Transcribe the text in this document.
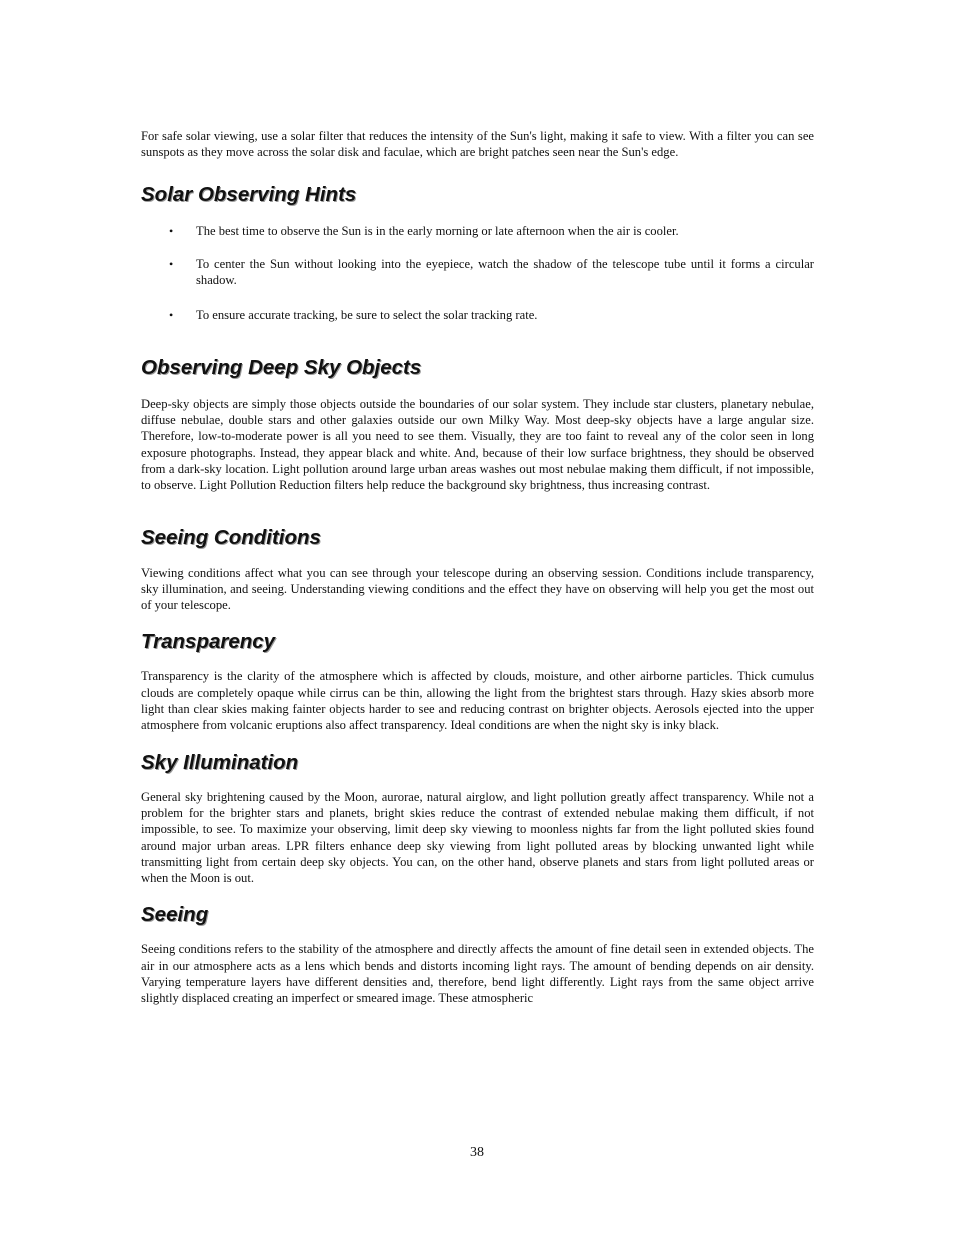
For safe solar viewing, use a solar filter that reduces the intensity of the Sun's light, making it safe to view. With a filter you can see sunspots as they move across the solar disk and faculae, which are bright patches seen near the Sun's edge.

Solar Observing Hints
• The best time to observe the Sun is in the early morning or late afternoon when the air is cooler.
• To center the Sun without looking into the eyepiece, watch the shadow of the telescope tube until it forms a circular shadow.
• To ensure accurate tracking, be sure to select the solar tracking rate.
Observing Deep Sky Objects

Deep-sky objects are simply those objects outside the boundaries of our solar system. They include star clusters, planetary nebulae, diffuse nebulae, double stars and other galaxies outside our own Milky Way. Most deep-sky objects have a large angular size. Therefore, low-to-moderate power is all you need to see them. Visually, they are too faint to reveal any of the color seen in long exposure photographs. Instead, they appear black and white. And, because of their low surface brightness, they should be observed from a dark-sky location. Light pollution around large urban areas washes out most nebulae making them difficult, if not impossible, to observe. Light Pollution Reduction filters help reduce the background sky brightness, thus increasing contrast.

Seeing Conditions

Viewing conditions affect what you can see through your telescope during an observing session. Conditions include transparency, sky illumination, and seeing. Understanding viewing conditions and the effect they have on observing will help you get the most out of your telescope.

Transparency

Transparency is the clarity of the atmosphere which is affected by clouds, moisture, and other airborne particles. Thick cumulus clouds are completely opaque while cirrus can be thin, allowing the light from the brightest stars through. Hazy skies absorb more light than clear skies making fainter objects harder to see and reducing contrast on brighter objects. Aerosols ejected into the upper atmosphere from volcanic eruptions also affect transparency. Ideal conditions are when the night sky is inky black.

Sky Illumination

General sky brightening caused by the Moon, aurorae, natural airglow, and light pollution greatly affect transparency. While not a problem for the brighter stars and planets, bright skies reduce the contrast of extended nebulae making them difficult, if not impossible, to see. To maximize your observing, limit deep sky viewing to moonless nights far from the light polluted skies found around major urban areas. LPR filters enhance deep sky viewing from light polluted areas by blocking unwanted light while transmitting light from certain deep sky objects. You can, on the other hand, observe planets and stars from light polluted areas or when the Moon is out.

Seeing

Seeing conditions refers to the stability of the atmosphere and directly affects the amount of fine detail seen in extended objects. The air in our atmosphere acts as a lens which bends and distorts incoming light rays. The amount of bending depends on air density. Varying temperature layers have different densities and, therefore, bend light differently. Light rays from the same object arrive slightly displaced creating an imperfect or smeared image. These atmospheric

38
